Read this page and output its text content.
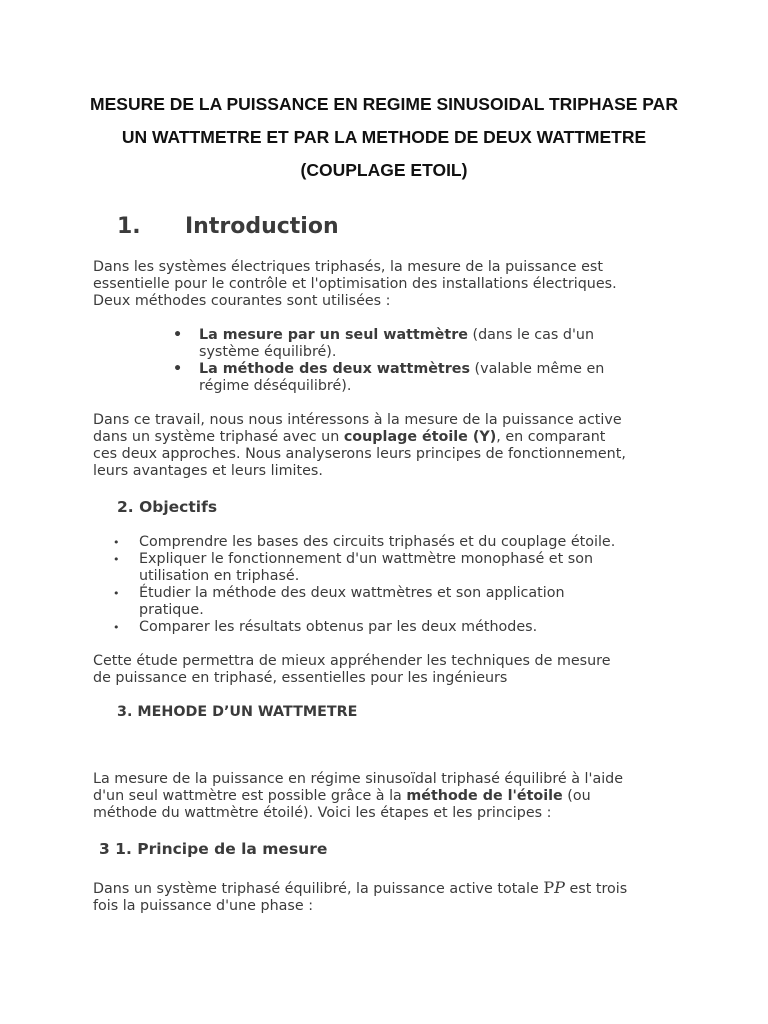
MESURE DE LA PUISSANCE EN REGIME SINUSOIDAL TRIPHASE PAR
UN WATTMETRE ET PAR LA METHODE DE DEUX WATTMETRE
(COUPLAGE ETOIL)
1. Introduction
Dans les systèmes électriques triphasés, la mesure de la puissance est
essentielle pour le contrôle et l'optimisation des installations électriques.
Deux méthodes courantes sont utilisées :
• La mesure par un seul wattmètre (dans le cas d'un
système équilibré).
• La méthode des deux wattmètres (valable même en
régime déséquilibré).
Dans ce travail, nous nous intéressons à la mesure de la puissance active
dans un système triphasé avec un couplage étoile (Y), en comparant
ces deux approches. Nous analyserons leurs principes de fonctionnement,
leurs avantages et leurs limites.
2. Objectifs
• Comprendre les bases des circuits triphasés et du couplage étoile.
• Expliquer le fonctionnement d'un wattmètre monophasé et son
utilisation en triphasé.
• Étudier la méthode des deux wattmètres et son application
pratique.
• Comparer les résultats obtenus par les deux méthodes.
Cette étude permettra de mieux appréhender les techniques de mesure
de puissance en triphasé, essentielles pour les ingénieurs
3. MEHODE D’UN WATTMETRE
La mesure de la puissance en régime sinusoïdal triphasé équilibré à l'aide
d'un seul wattmètre est possible grâce à la méthode de l'étoile (ou
méthode du wattmètre étoilé). Voici les étapes et les principes :
3 1. Principe de la mesure
Dans un système triphasé équilibré, la puissance active totale PP est trois
fois la puissance d'une phase :
